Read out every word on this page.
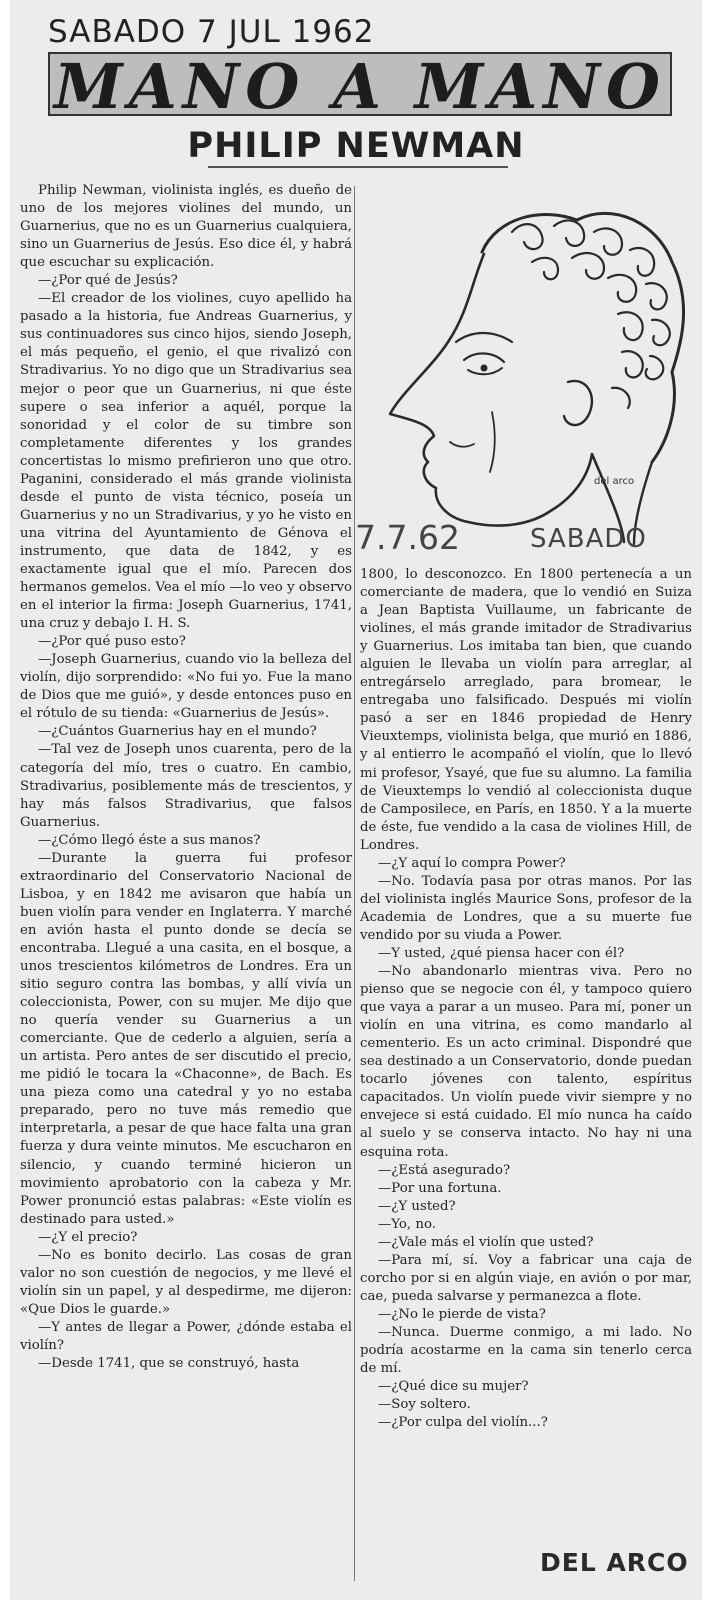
SABADO 7 JUL 1962
MANO A MANO
PHILIP NEWMAN

Philip Newman, violinista inglés, es dueño de uno de los mejores violines del mundo, un Guarnerius, que no es un Guarnerius cualquiera, sino un Guarnerius de Jesús. Eso dice él, y habrá que escuchar su explicación.

—¿Por qué de Jesús?

—El creador de los violines, cuyo apellido ha pasado a la historia, fue Andreas Guarnerius, y sus continuadores sus cinco hijos, siendo Joseph, el más pequeño, el genio, el que rivalizó con Stradivarius. Yo no digo que un Stradivarius sea mejor o peor que un Guarnerius, ni que éste supere o sea inferior a aquél, porque la sonoridad y el color de su timbre son completamente diferentes y los grandes concertistas lo mismo prefirieron uno que otro. Paganini, considerado el más grande violinista desde el punto de vista técnico, poseía un Guarnerius y no un Stradivarius, y yo he visto en una vitrina del Ayuntamiento de Génova el instrumento, que data de 1842, y es exactamente igual que el mío. Parecen dos hermanos gemelos. Vea el mío —lo veo y observo en el interior la firma: Joseph Guarnerius, 1741, una cruz y debajo I. H. S.

—¿Por qué puso esto?

—Joseph Guarnerius, cuando vio la belleza del violín, dijo sorprendido: «No fui yo. Fue la mano de Dios que me guió», y desde entonces puso en el rótulo de su tienda: «Guarnerius de Jesús».

—¿Cuántos Guarnerius hay en el mundo?

—Tal vez de Joseph unos cuarenta, pero de la categoría del mío, tres o cuatro. En cambio, Stradivarius, posiblemente más de trescientos, y hay más falsos Stradivarius, que falsos Guarnerius.

—¿Cómo llegó éste a sus manos?

—Durante la guerra fui profesor extraordinario del Conservatorio Nacional de Lisboa, y en 1842 me avisaron que había un buen violín para vender en Inglaterra. Y marché en avión hasta el punto donde se decía se encontraba. Llegué a una casita, en el bosque, a unos trescientos kilómetros de Londres. Era un sitio seguro contra las bombas, y allí vivía un coleccionista, Power, con su mujer. Me dijo que no quería vender su Guarnerius a un comerciante. Que de cederlo a alguien, sería a un artista. Pero antes de ser discutido el precio, me pidió le tocara la «Chaconne», de Bach. Es una pieza como una catedral y yo no estaba preparado, pero no tuve más remedio que interpretarla, a pesar de que hace falta una gran fuerza y dura veinte minutos. Me escucharon en silencio, y cuando terminé hicieron un movimiento aprobatorio con la cabeza y Mr. Power pronunció estas palabras: «Este violín es destinado para usted.»

—¿Y el precio?

—No es bonito decirlo. Las cosas de gran valor no son cuestión de negocios, y me llevé el violín sin un papel, y al despedirme, me dijeron: «Que Dios le guarde.»

—Y antes de llegar a Power, ¿dónde estaba el violín?

—Desde 1741, que se construyó, hasta

del arco
7.7.62	SABADO

1800, lo desconozco. En 1800 pertenecía a un comerciante de madera, que lo vendió en Suiza a Jean Baptista Vuillaume, un fabricante de violines, el más grande imitador de Stradivarius y Guarnerius. Los imitaba tan bien, que cuando alguien le llevaba un violín para arreglar, al entregárselo arreglado, para bromear, le entregaba uno falsificado. Después mi violín pasó a ser en 1846 propiedad de Henry Vieuxtemps, violinista belga, que murió en 1886, y al entierro le acompañó el violín, que lo llevó mi profesor, Ysayé, que fue su alumno. La familia de Vieuxtemps lo vendió al coleccionista duque de Camposilece, en París, en 1850. Y a la muerte de éste, fue vendido a la casa de violines Hill, de Londres.

—¿Y aquí lo compra Power?

—No. Todavía pasa por otras manos. Por las del violinista inglés Maurice Sons, profesor de la Academia de Londres, que a su muerte fue vendido por su viuda a Power.

—Y usted, ¿qué piensa hacer con él?

—No abandonarlo mientras viva. Pero no pienso que se negocie con él, y tampoco quiero que vaya a parar a un museo. Para mí, poner un violín en una vitrina, es como mandarlo al cementerio. Es un acto criminal. Dispondré que sea destinado a un Conservatorio, donde puedan tocarlo jóvenes con talento, espíritus capacitados. Un violín puede vivir siempre y no envejece si está cuidado. El mío nunca ha caído al suelo y se conserva intacto. No hay ni una esquina rota.

—¿Está asegurado?

—Por una fortuna.

—¿Y usted?

—Yo, no.

—¿Vale más el violín que usted?

—Para mí, sí. Voy a fabricar una caja de corcho por si en algún viaje, en avión o por mar, cae, pueda salvarse y permanezca a flote.

—¿No le pierde de vista?

—Nunca. Duerme conmigo, a mi lado. No podría acostarme en la cama sin tenerlo cerca de mí.

—¿Qué dice su mujer?

—Soy soltero.

—¿Por culpa del violín...?

DEL ARCO
